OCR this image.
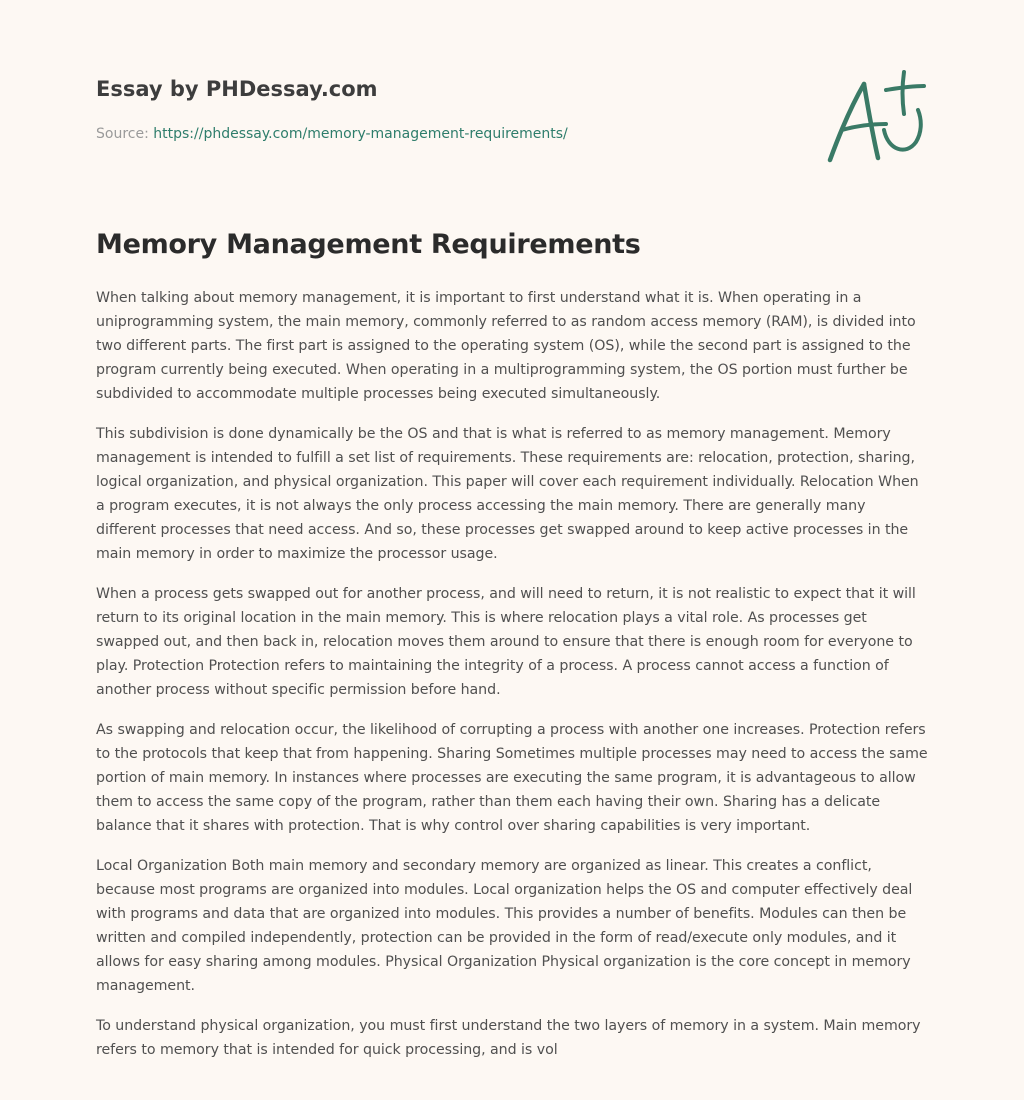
Essay by PHDessay.com
Source: https://phdessay.com/memory-management-requirements/
Memory Management Requirements

When talking about memory management, it is important to first understand what it is. When operating in a uniprogramming system, the main memory, commonly referred to as random access memory (RAM), is divided into two different parts. The first part is assigned to the operating system (OS), while the second part is assigned to the program currently being executed. When operating in a multiprogramming system, the OS portion must further be subdivided to accommodate multiple processes being executed simultaneously.

This subdivision is done dynamically be the OS and that is what is referred to as memory management. Memory management is intended to fulfill a set list of requirements. These requirements are: relocation, protection, sharing, logical organization, and physical organization. This paper will cover each requirement individually. Relocation When a program executes, it is not always the only process accessing the main memory. There are generally many different processes that need access. And so, these processes get swapped around to keep active processes in the main memory in order to maximize the processor usage.

When a process gets swapped out for another process, and will need to return, it is not realistic to expect that it will return to its original location in the main memory. This is where relocation plays a vital role. As processes get swapped out, and then back in, relocation moves them around to ensure that there is enough room for everyone to play. Protection Protection refers to maintaining the integrity of a process. A process cannot access a function of another process without specific permission before hand.

As swapping and relocation occur, the likelihood of corrupting a process with another one increases. Protection refers to the protocols that keep that from happening. Sharing Sometimes multiple processes may need to access the same portion of main memory. In instances where processes are executing the same program, it is advantageous to allow them to access the same copy of the program, rather than them each having their own. Sharing has a delicate balance that it shares with protection. That is why control over sharing capabilities is very important.

Local Organization Both main memory and secondary memory are organized as linear. This creates a conflict, because most programs are organized into modules. Local organization helps the OS and computer effectively deal with programs and data that are organized into modules. This provides a number of benefits. Modules can then be written and compiled independently, protection can be provided in the form of read/execute only modules, and it allows for easy sharing among modules. Physical Organization Physical organization is the core concept in memory management.

To understand physical organization, you must first understand the two layers of memory in a system. Main memory refers to memory that is intended for quick processing, and is vol
